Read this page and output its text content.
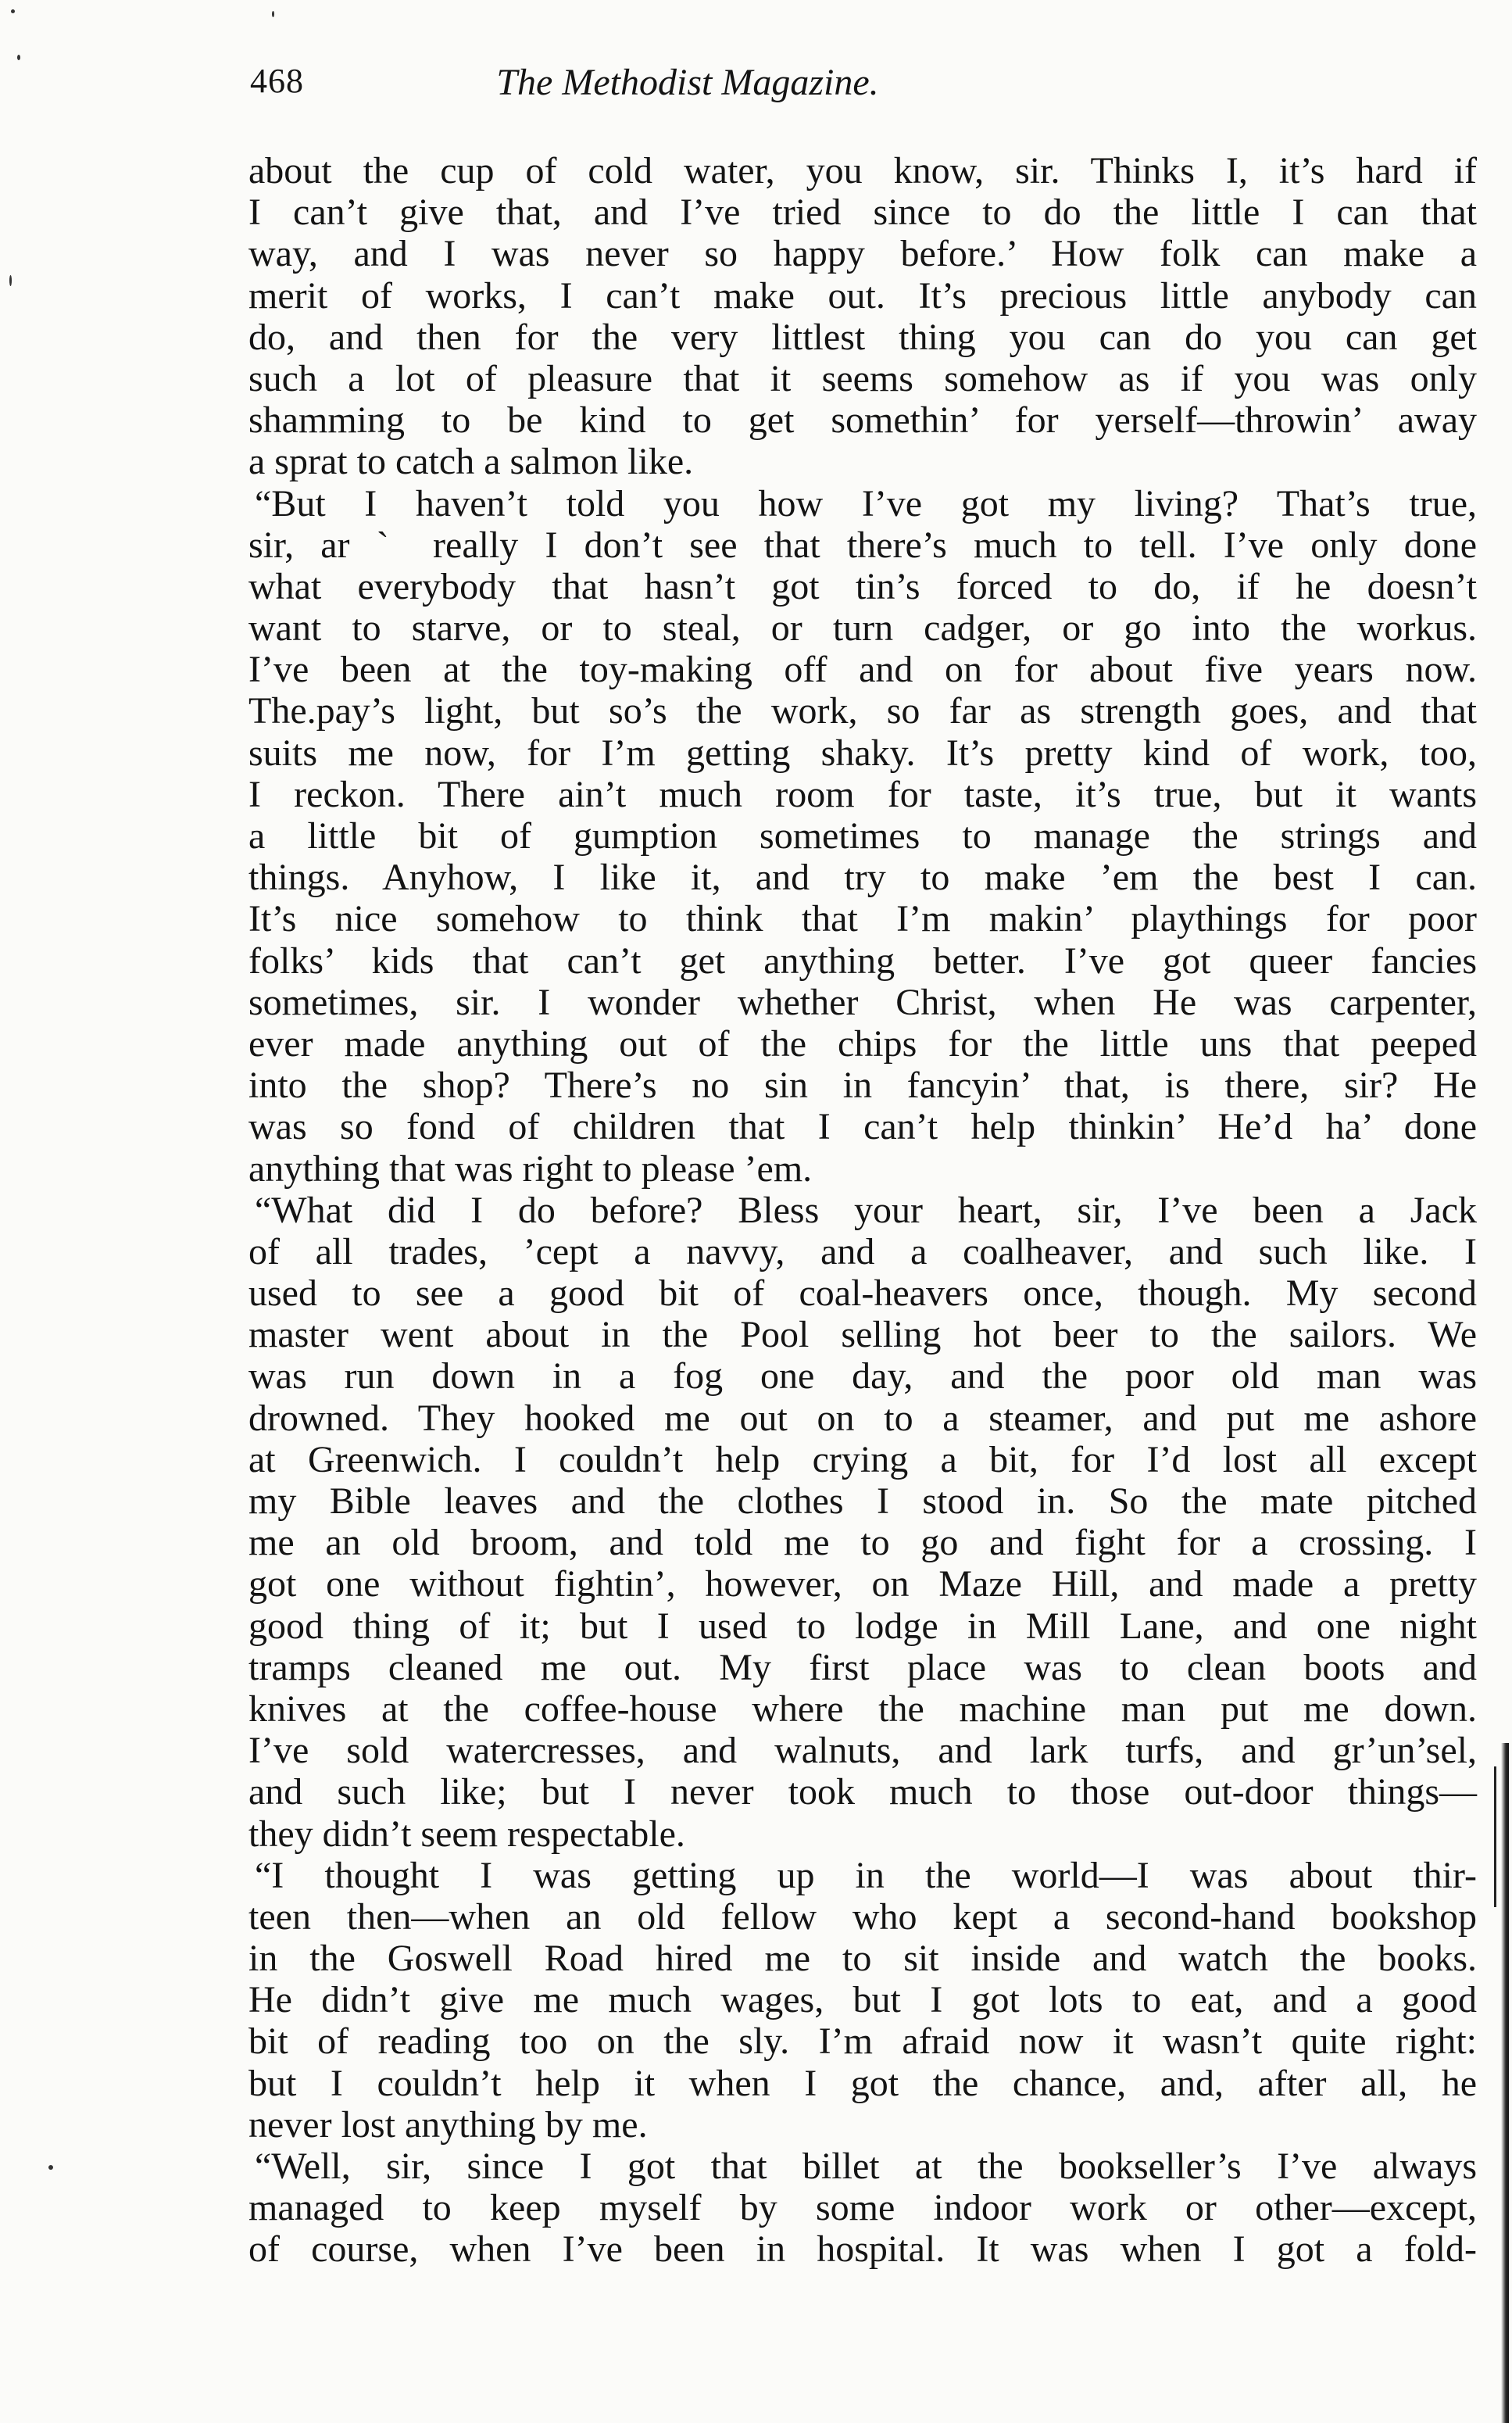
468	The Methodist Magazine.
about the cup of cold water, you know, sir. Thinks I, it’s hard if
I can’t give that, and I’ve tried since to do the little I can that
way, and I was never so happy before.’ How folk can make a
merit of works, I can’t make out. It’s precious little anybody can
do, and then for the very littlest thing you can do you can get
such a lot of pleasure that it seems somehow as if you was only
shamming to be kind to get somethin’ for yerself—throwin’ away
a sprat to catch a salmon like.
“But I haven’t told you how I’ve got my living? That’s true,
sir, ar ˋ really I don’t see that there’s much to tell. I’ve only done
what everybody that hasn’t got tin’s forced to do, if he doesn’t
want to starve, or to steal, or turn cadger, or go into the workus.
I’ve been at the toy-making off and on for about five years now.
The.pay’s light, but so’s the work, so far as strength goes, and that
suits me now, for I’m getting shaky. It’s pretty kind of work, too,
I reckon. There ain’t much room for taste, it’s true, but it wants
a little bit of gumption sometimes to manage the strings and
things. Anyhow, I like it, and try to make ’em the best I can.
It’s nice somehow to think that I’m makin’ playthings for poor
folks’ kids that can’t get anything better. I’ve got queer fancies
sometimes, sir. I wonder whether Christ, when He was carpenter,
ever made anything out of the chips for the little uns that peeped
into the shop? There’s no sin in fancyin’ that, is there, sir? He
was so fond of children that I can’t help thinkin’ He’d ha’ done
anything that was right to please ’em.
“What did I do before? Bless your heart, sir, I’ve been a Jack
of all trades, ’cept a navvy, and a coalheaver, and such like. I
used to see a good bit of coal-heavers once, though. My second
master went about in the Pool selling hot beer to the sailors. We
was run down in a fog one day, and the poor old man was
drowned. They hooked me out on to a steamer, and put me ashore
at Greenwich. I couldn’t help crying a bit, for I’d lost all except
my Bible leaves and the clothes I stood in. So the mate pitched
me an old broom, and told me to go and fight for a crossing. I
got one without fightin’, however, on Maze Hill, and made a pretty
good thing of it; but I used to lodge in Mill Lane, and one night
tramps cleaned me out. My first place was to clean boots and
knives at the coffee-house where the machine man put me down.
I’ve sold watercresses, and walnuts, and lark turfs, and gr’un’sel,
and such like; but I never took much to those out-door things—
they didn’t seem respectable.
“I thought I was getting up in the world—I was about thir-
teen then—when an old fellow who kept a second-hand bookshop
in the Goswell Road hired me to sit inside and watch the books.
He didn’t give me much wages, but I got lots to eat, and a good
bit of reading too on the sly. I’m afraid now it wasn’t quite right:
but I couldn’t help it when I got the chance, and, after all, he
never lost anything by me.
“Well, sir, since I got that billet at the bookseller’s I’ve always
managed to keep myself by some indoor work or other—except,
of course, when I’ve been in hospital. It was when I got a fold-
